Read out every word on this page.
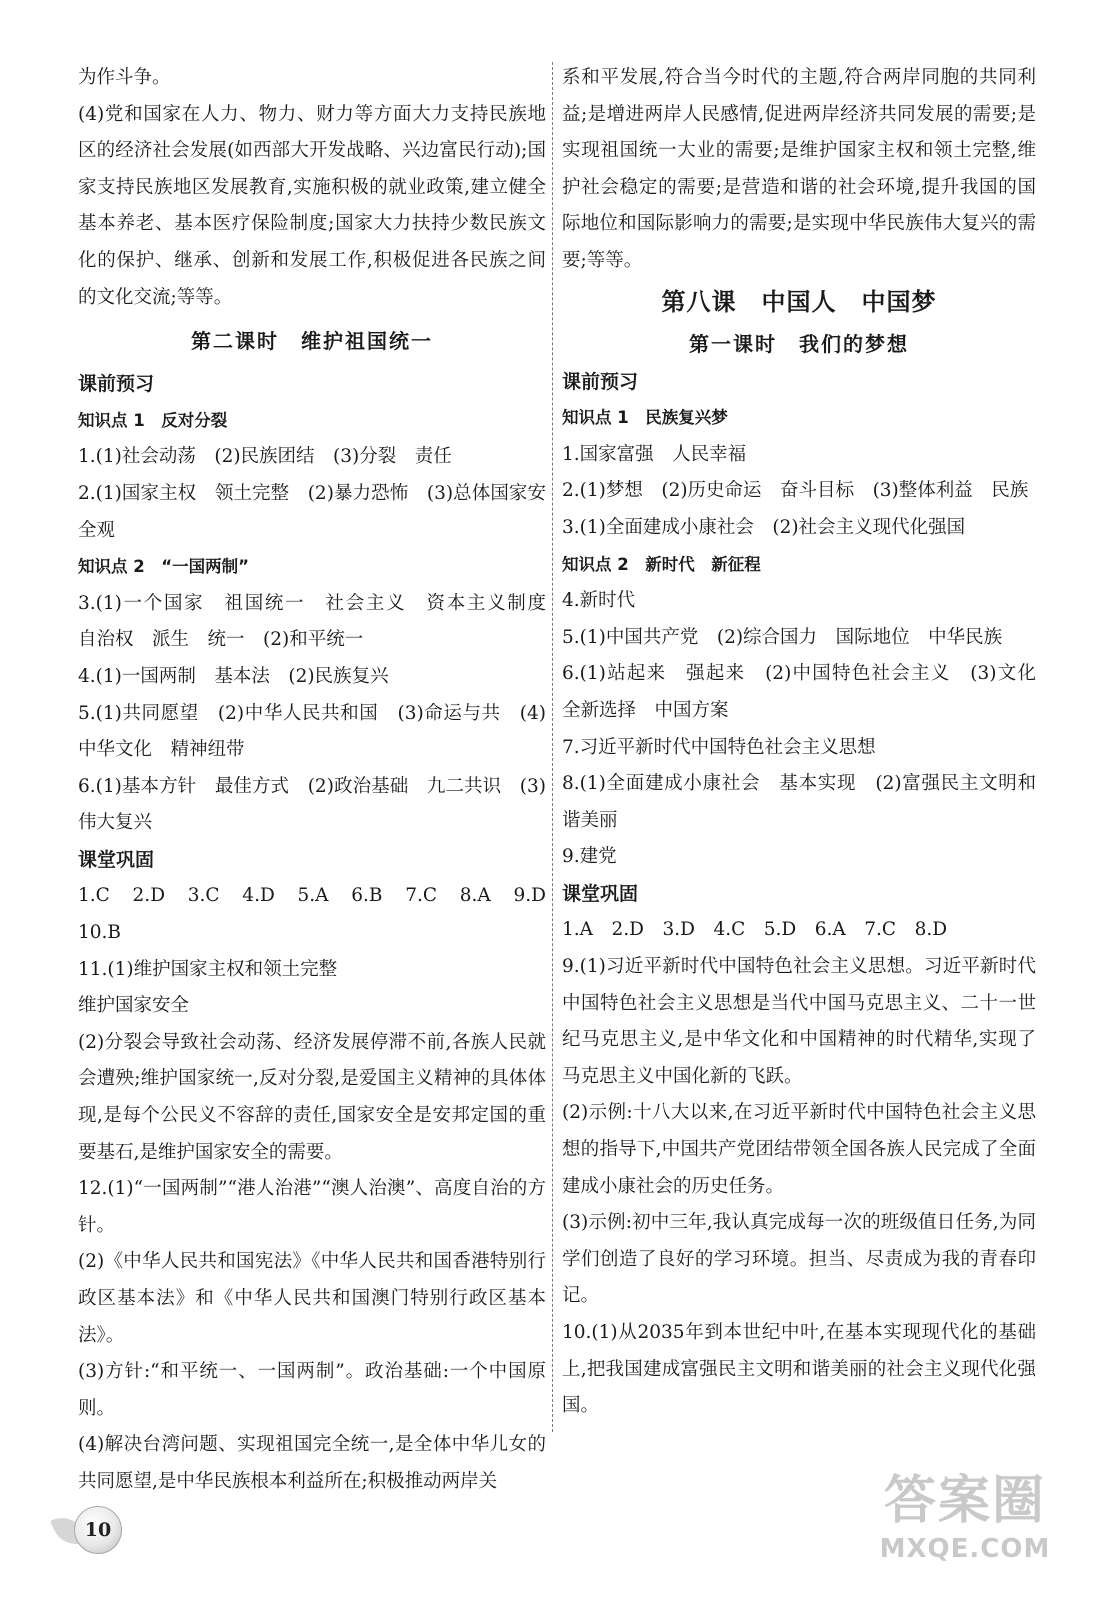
为作斗争。

(4)党和国家在人力、物力、财力等方面大力支持民族地区的经济社会发展(如西部大开发战略、兴边富民行动);国家支持民族地区发展教育,实施积极的就业政策,建立健全基本养老、基本医疗保险制度;国家大力扶持少数民族文化的保护、继承、创新和发展工作,积极促进各民族之间的文化交流;等等。

第二课时　维护祖国统一
课前预习
知识点 1　反对分裂

1.(1)社会动荡　(2)民族团结　(3)分裂　责任

2.(1)国家主权　领土完整　(2)暴力恐怖　(3)总体国家安全观

知识点 2　“一国两制”

3.(1)一个国家　祖国统一　社会主义　资本主义制度　自治权　派生　统一　(2)和平统一

4.(1)一国两制　基本法　(2)民族复兴

5.(1)共同愿望　(2)中华人民共和国　(3)命运与共　(4)中华文化　精神纽带

6.(1)基本方针　最佳方式　(2)政治基础　九二共识　(3)伟大复兴

课堂巩固

1.C　2.D　3.C　4.D　5.A　6.B　7.C　8.A　9.D　10.B

11.(1)维护国家主权和领土完整

维护国家安全

(2)分裂会导致社会动荡、经济发展停滞不前,各族人民就会遭殃;维护国家统一,反对分裂,是爱国主义精神的具体体现,是每个公民义不容辞的责任,国家安全是安邦定国的重要基石,是维护国家安全的需要。

12.(1)“一国两制”“港人治港”“澳人治澳”、高度自治的方针。

(2)《中华人民共和国宪法》《中华人民共和国香港特别行政区基本法》和《中华人民共和国澳门特别行政区基本法》。

(3)方针:“和平统一、一国两制”。政治基础:一个中国原则。

(4)解决台湾问题、实现祖国完全统一,是全体中华儿女的共同愿望,是中华民族根本利益所在;积极推动两岸关

系和平发展,符合当今时代的主题,符合两岸同胞的共同利益;是增进两岸人民感情,促进两岸经济共同发展的需要;是实现祖国统一大业的需要;是维护国家主权和领土完整,维护社会稳定的需要;是营造和谐的社会环境,提升我国的国际地位和国际影响力的需要;是实现中华民族伟大复兴的需要;等等。

第八课　中国人　中国梦
第一课时　我们的梦想
课前预习
知识点 1　民族复兴梦

1.国家富强　人民幸福

2.(1)梦想　(2)历史命运　奋斗目标　(3)整体利益　民族

3.(1)全面建成小康社会　(2)社会主义现代化强国

知识点 2　新时代　新征程

4.新时代

5.(1)中国共产党　(2)综合国力　国际地位　中华民族

6.(1)站起来　强起来　(2)中国特色社会主义　(3)文化　全新选择　中国方案

7.习近平新时代中国特色社会主义思想

8.(1)全面建成小康社会　基本实现　(2)富强民主文明和谐美丽

9.建党

课堂巩固

1.A　2.D　3.D　4.C　5.D　6.A　7.C　8.D

9.(1)习近平新时代中国特色社会主义思想。习近平新时代中国特色社会主义思想是当代中国马克思主义、二十一世纪马克思主义,是中华文化和中国精神的时代精华,实现了马克思主义中国化新的飞跃。

(2)示例:十八大以来,在习近平新时代中国特色社会主义思想的指导下,中国共产党团结带领全国各族人民完成了全面建成小康社会的历史任务。

(3)示例:初中三年,我认真完成每一次的班级值日任务,为同学们创造了良好的学习环境。担当、尽责成为我的青春印记。

10.(1)从2035年到本世纪中叶,在基本实现现代化的基础上,把我国建成富强民主文明和谐美丽的社会主义现代化强国。

10	答案圈
MXQE.COM
